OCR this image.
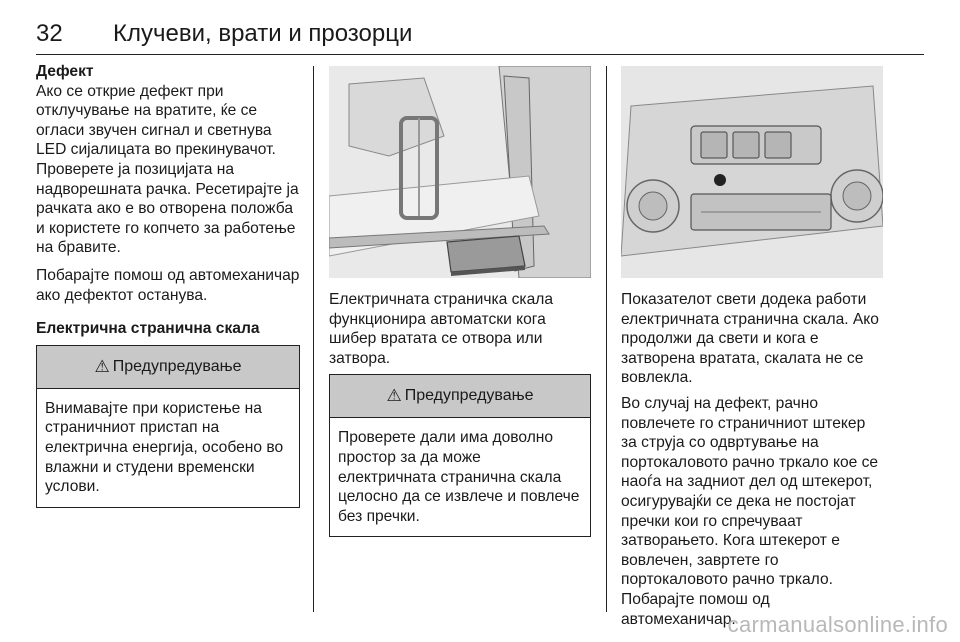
32 Клучеви, врати и прозорци

Дефект

Ако се открие дефект при отклучување на вратите, ќе се огласи звучен сигнал и светнува LED сијалицата во прекинувачот. Проверете ја позицијата на надворешната рачка. Ресетирајте ја рачката ако е во отворена положба и користете го копчето за работење на бравите.

Побарајте помош од автомеханичар ако дефектот останува.

Електрична странична скала

⚠ Предупредување
Внимавајте при користење на страничниот пристап на електрична енергија, особено во влажни и студени временски услови.

Електричната страничка скала функционира автоматски кога шибер вратата се отвора или затвора.

⚠ Предупредување
Проверете дали има доволно простор за да може електричната странична скала целосно да се извлече и повлече без пречки.

Показателот свети додека работи електричната странична скала. Ако продолжи да свети и кога е затворена вратата, скалата не се вовлекла.

Во случај на дефект, рачно повлечете го страничниот штекер за струја со одвртување на портокаловото рачно тркало кое се наоѓа на задниот дел од штекерот, осигурувајќи се дека не постојат пречки кои го спречуваат затворањето. Кога штекерот е вовлечен, завртете го портокаловото рачно тркало. Побарајте помош од автомеханичар.

carmanualsonline.info
